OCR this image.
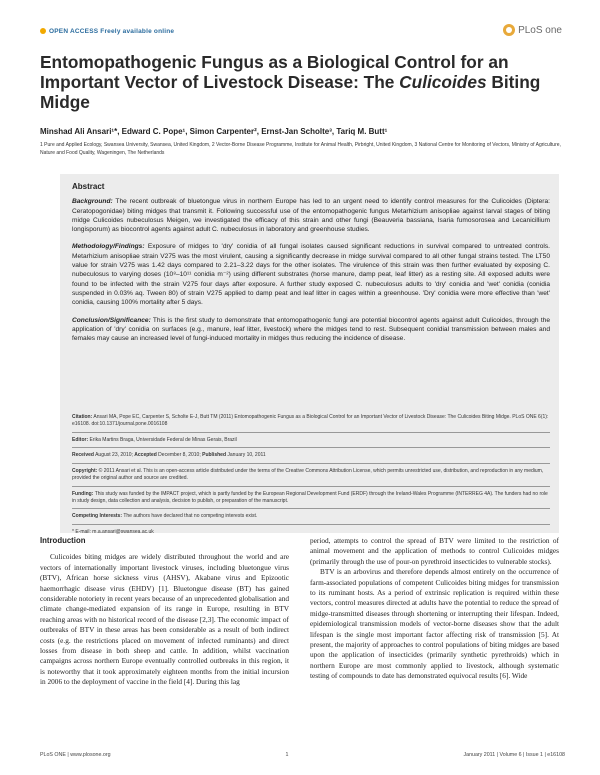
OPEN ACCESS Freely available online	PLoS one
Entomopathogenic Fungus as a Biological Control for an Important Vector of Livestock Disease: The Culicoides Biting Midge
Minshad Ali Ansari¹*, Edward C. Pope¹, Simon Carpenter², Ernst-Jan Scholte³, Tariq M. Butt¹
1 Pure and Applied Ecology, Swansea University, Swansea, United Kingdom, 2 Vector-Borne Disease Programme, Institute for Animal Health, Pirbright, United Kingdom, 3 National Centre for Monitoring of Vectors, Ministry of Agriculture, Nature and Food Quality, Wageningen, The Netherlands
Abstract

Background: The recent outbreak of bluetongue virus in northern Europe has led to an urgent need to identify control measures for the Culicoides (Diptera: Ceratopogonidae) biting midges that transmit it. Following successful use of the entomopathogenic fungus Metarhizium anisopliae against larval stages of biting midge Culicoides nubeculosus Meigen, we investigated the efficacy of this strain and other fungi (Beauveria bassiana, Isaria fumosorosea and Lecanicillium longisporum) as biocontrol agents against adult C. nubeculosus in laboratory and greenhouse studies.

Methodology/Findings: Exposure of midges to 'dry' conidia of all fungal isolates caused significant reductions in survival compared to untreated controls. Metarhizium anisopliae strain V275 was the most virulent, causing a significantly decrease in midge survival compared to all other fungal strains tested. The LT50 value for strain V275 was 1.42 days compared to 2.21–3.22 days for the other isolates. The virulence of this strain was then further evaluated by exposing C. nubeculosus to varying doses (10⁸–10¹¹ conidia m⁻²) using different substrates (horse manure, damp peat, leaf litter) as a resting site. All exposed adults were found to be infected with the strain V275 four days after exposure. A further study exposed C. nubeculosus adults to 'dry' conidia and 'wet' conidia (conidia suspended in 0.03% aq. Tween 80) of strain V275 applied to damp peat and leaf litter in cages within a greenhouse. 'Dry' conidia were more effective than 'wet' conidia, causing 100% mortality after 5 days.

Conclusion/Significance: This is the first study to demonstrate that entomopathogenic fungi are potential biocontrol agents against adult Culicoides, through the application of 'dry' conidia on surfaces (e.g., manure, leaf litter, livestock) where the midges tend to rest. Subsequent conidial transmission between males and females may cause an increased level of fungi-induced mortality in midges thus reducing the incidence of disease.

Citation: Ansari MA, Pope EC, Carpenter S, Scholte E-J, Butt TM (2011) Entomopathogenic Fungus as a Biological Control for an Important Vector of Livestock Disease: The Culicoides Biting Midge. PLoS ONE 6(1): e16108. doi:10.1371/journal.pone.0016108
Editor: Erika Martins Braga, Universidade Federal de Minas Gerais, Brazil
Received August 23, 2010; Accepted December 8, 2010; Published January 10, 2011
Copyright: © 2011 Ansari et al. This is an open-access article distributed under the terms of the Creative Commons Attribution License, which permits unrestricted use, distribution, and reproduction in any medium, provided the original author and source are credited.
Funding: This study was funded by the IMPACT project, which is partly funded by the European Regional Development Fund (ERDF) through the Ireland-Wales Programme (INTERREG 4A). The funders had no role in study design, data collection and analysis, decision to publish, or preparation of the manuscript.
Competing Interests: The authors have declared that no competing interests exist.
* E-mail: m.a.ansari@swansea.ac.uk
Introduction

Culicoides biting midges are widely distributed throughout the world and are vectors of internationally important livestock viruses, including bluetongue virus (BTV), African horse sickness virus (AHSV), Akabane virus and Epizootic haemorrhagic disease virus (EHDV) [1]. Bluetongue disease (BT) has gained considerable notoriety in recent years because of an unprecedented globalisation and climate change-mediated expansion of its range in Europe, resulting in BTV reaching areas with no historical record of the disease [2,3]. The economic impact of outbreaks of BTV in these areas has been considerable as a result of both indirect costs (e.g. the restrictions placed on movement of infected ruminants) and direct losses from disease in both sheep and cattle. In addition, whilst vaccination campaigns across northern Europe eventually controlled outbreaks in this region, it is noteworthy that it took approximately eighteen months from the initial incursion in 2006 to the deployment of vaccine in the field [4]. During this lag

period, attempts to control the spread of BTV were limited to the restriction of animal movement and the application of methods to control Culicoides midges (primarily through the use of pour-on pyrethroid insecticides to vulnerable stocks).

BTV is an arbovirus and therefore depends almost entirely on the occurrence of farm-associated populations of competent Culicoides biting midges for transmission to its ruminant hosts. As a period of extrinsic replication is required within these vectors, control measures directed at adults have the potential to reduce the spread of midge-transmitted diseases through shortening or interrupting their lifespan. Indeed, epidemiological transmission models of vector-borne diseases show that the adult lifespan is the single most important factor affecting risk of transmission [5]. At present, the majority of approaches to control populations of biting midges are based upon the application of insecticides (primarily synthetic pyrethroids) which in northern Europe are most commonly applied to livestock, although systematic testing of compounds to date has demonstrated equivocal results [6]. Wide

PLoS ONE | www.plosone.org	1	January 2011 | Volume 6 | Issue 1 | e16108
